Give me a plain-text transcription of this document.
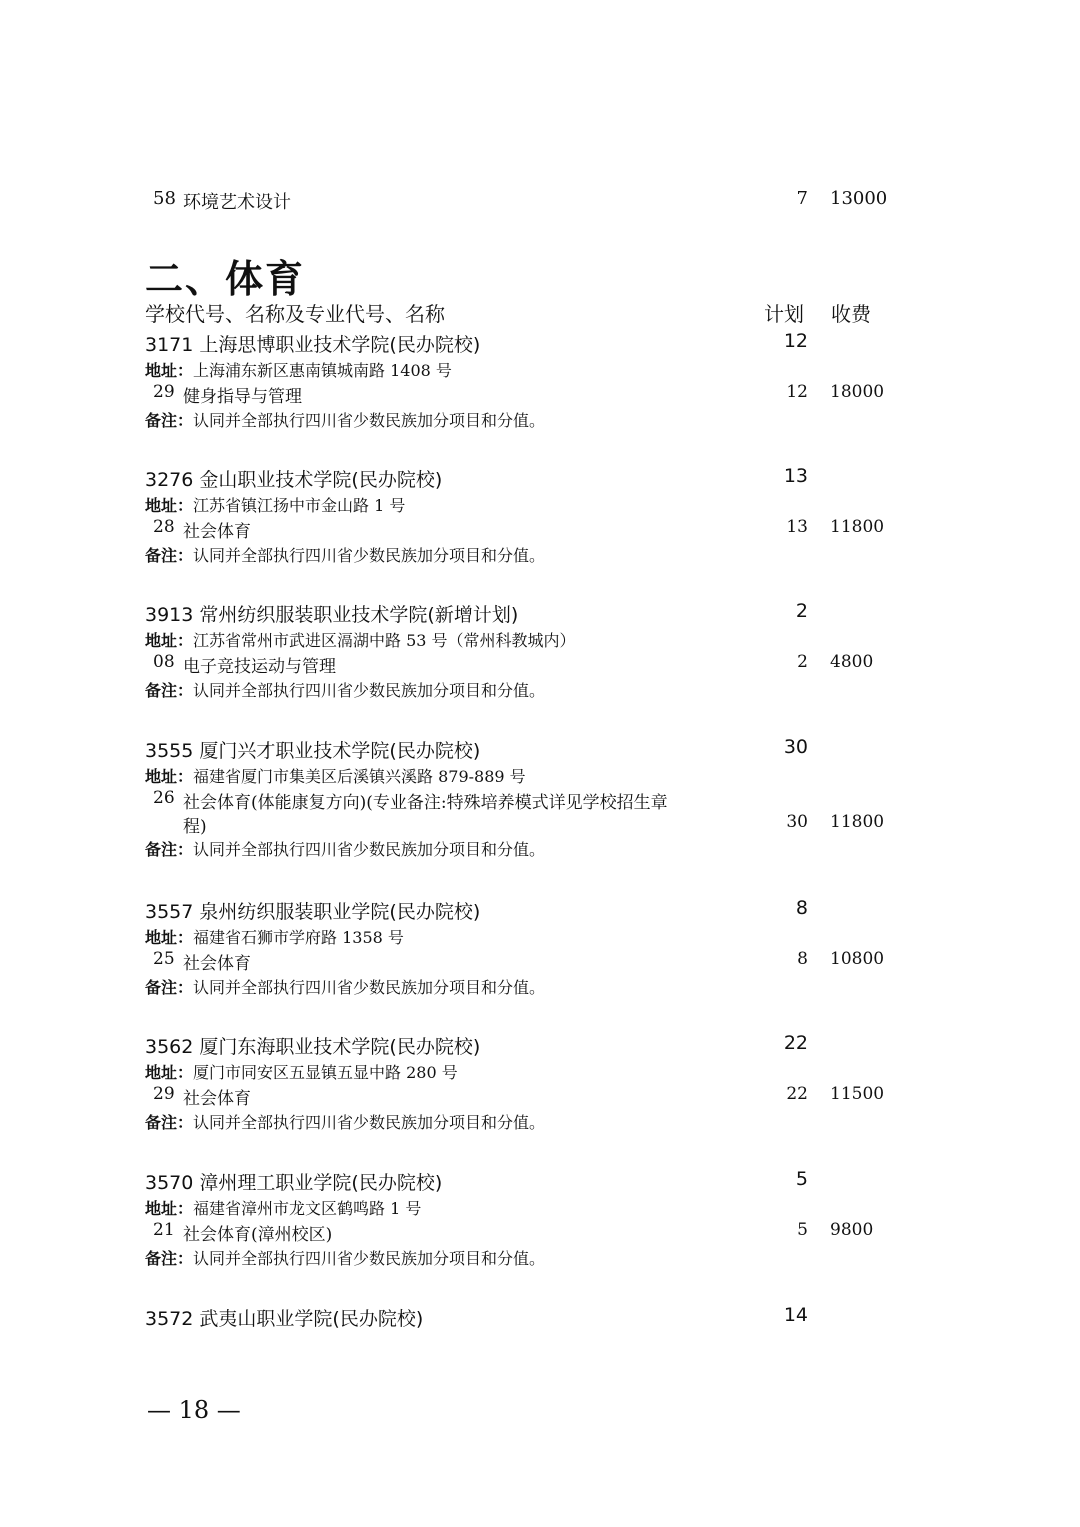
58 环境艺术设计	7 13000
二、体育
学校代号、名称及专业代号、名称	计划 收费
3171 上海思博职业技术学院(民办院校)	12
地址：上海浦东新区惠南镇城南路 1408 号
29 健身指导与管理	12 18000
备注：认同并全部执行四川省少数民族加分项目和分值。
3276 金山职业技术学院(民办院校)	13
地址：江苏省镇江扬中市金山路 1 号
28 社会体育	13 11800
备注：认同并全部执行四川省少数民族加分项目和分值。
3913 常州纺织服装职业技术学院(新增计划)	2
地址：江苏省常州市武进区滆湖中路 53 号（常州科教城内）
08 电子竞技运动与管理	2 4800
备注：认同并全部执行四川省少数民族加分项目和分值。
3555 厦门兴才职业技术学院(民办院校)	30
地址：福建省厦门市集美区后溪镇兴溪路 879-889 号
26 社会体育(体能康复方向)(专业备注:特殊培养模式详见学校招生章
程)	30 11800
备注：认同并全部执行四川省少数民族加分项目和分值。
3557 泉州纺织服装职业学院(民办院校)	8
地址：福建省石狮市学府路 1358 号
25 社会体育	8 10800
备注：认同并全部执行四川省少数民族加分项目和分值。
3562 厦门东海职业技术学院(民办院校)	22
地址：厦门市同安区五显镇五显中路 280 号
29 社会体育	22 11500
备注：认同并全部执行四川省少数民族加分项目和分值。
3570 漳州理工职业学院(民办院校)	5
地址：福建省漳州市龙文区鹤鸣路 1 号
21 社会体育(漳州校区)	5 9800
备注：认同并全部执行四川省少数民族加分项目和分值。
3572 武夷山职业学院(民办院校)	14
— 18 —
